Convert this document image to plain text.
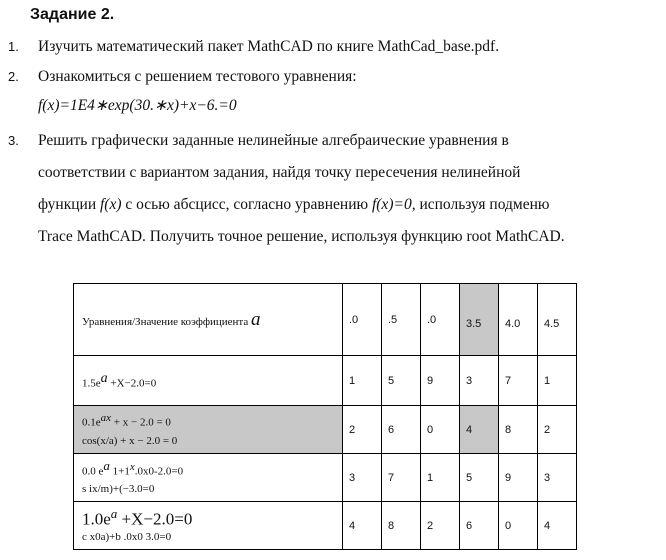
Задание 2.
1.	Изучить математический пакет MathCAD по книге MathCad_base.pdf.
2.	Ознакомиться с решением тестового уравнения:
f(x)=1E4∗exp(30.∗x)+x−6.=0
3.	Решить графически заданные нелинейные алгебраические уравнения в
соответствии с вариантом задания, найдя точку пересечения нелинейной
функции f(x) с осью абсцисс, согласно уравнению f(x)=0, используя подменю
Trace MathCAD. Получить точное решение, используя функцию root MathCAD.
Уравнения/Значение коэффициента a	.0	.5	.0	3.5	4.0	4.5
$1.5e^a +X-2.0=0$	1	5	9	3	7	1

$0.1e^{ax} + x - 2.0 = 0$
cos(x/a) + x − 2.0 = 0	2	6	0	4	8	2

0.0 $e^a$ $1+1^x.0x0-2.0=0$
s ix/m)+(−3.0=0	3	7	1	5	9	3

$1.0e^a +X-2.0=0$
c x0a)+b .0x0 3.0=0	4	8	2	6	0	4
